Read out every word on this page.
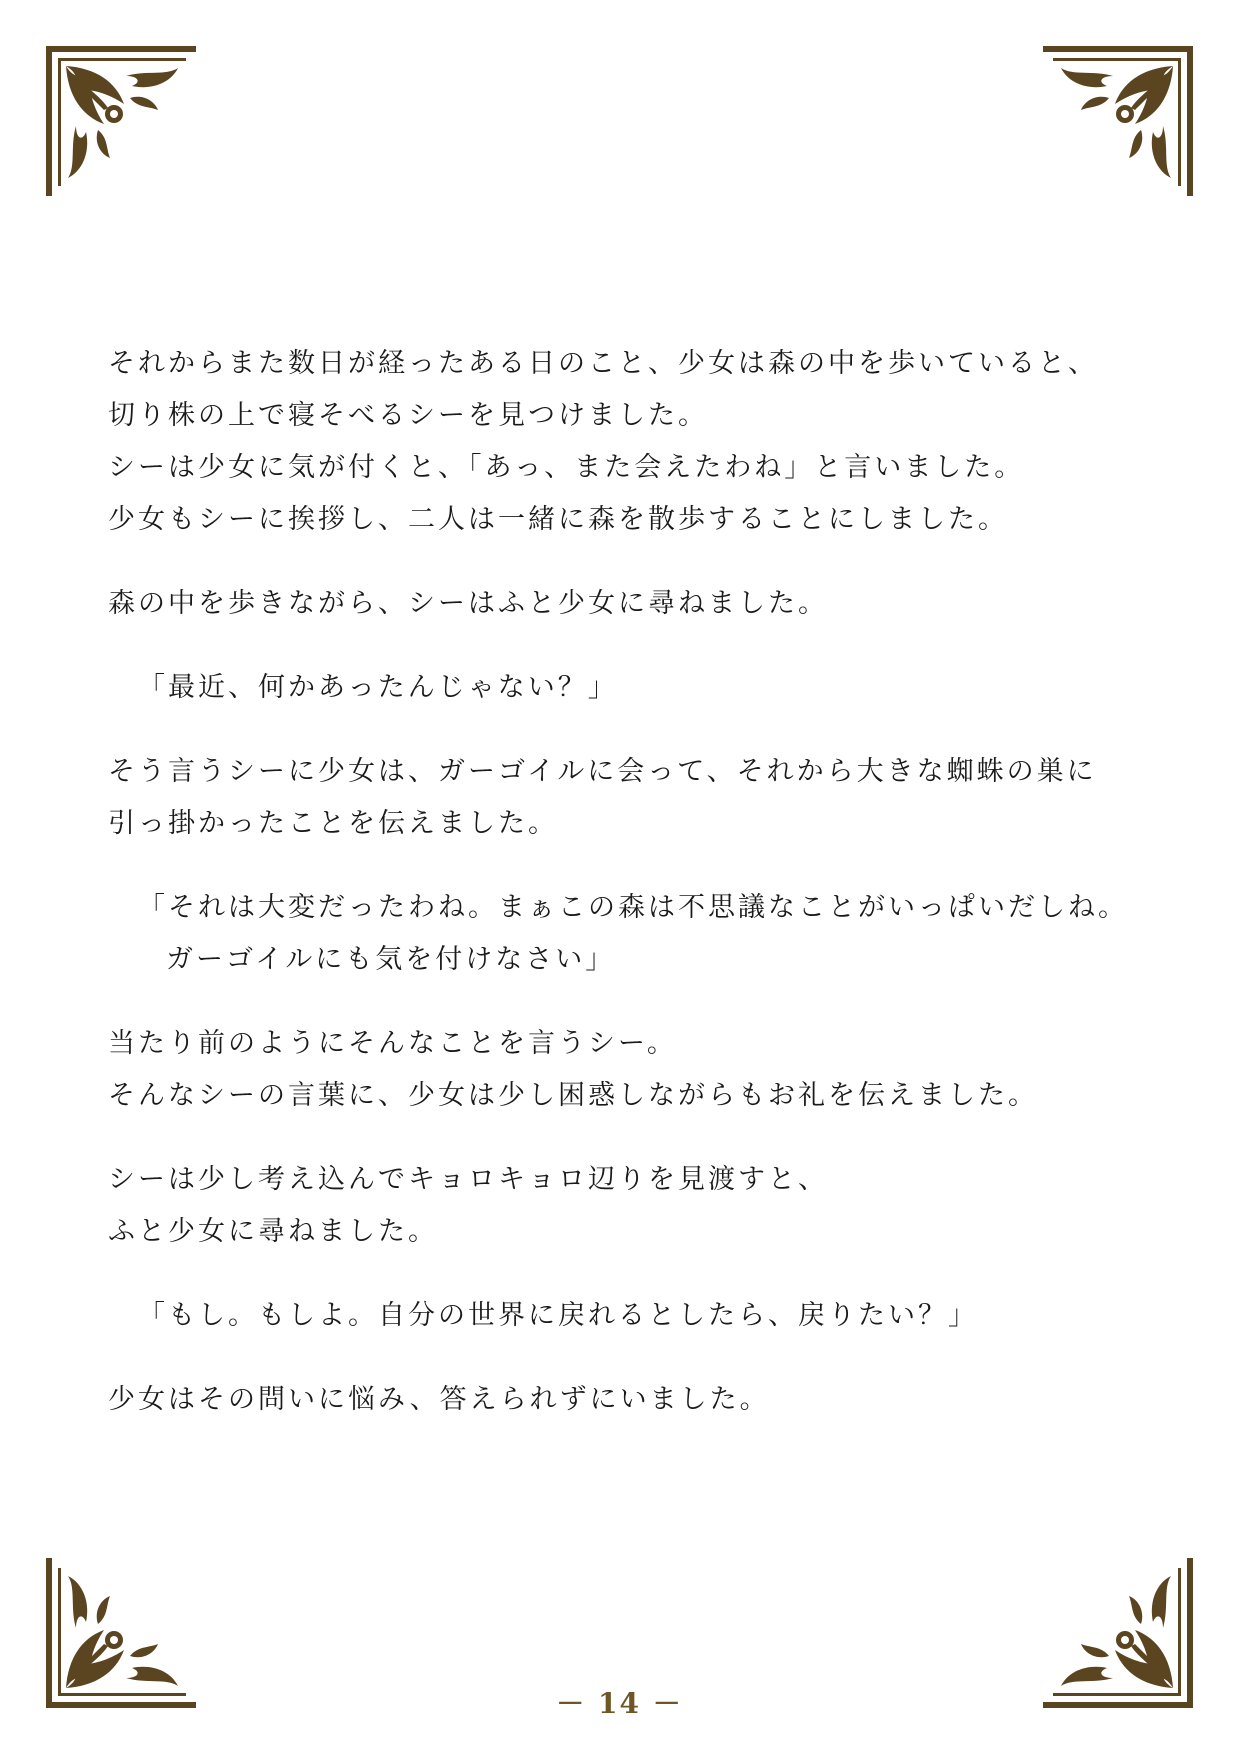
それからまた数日が経ったある日のこと、少女は森の中を歩いていると、
切り株の上で寝そべるシーを見つけました。
シーは少女に気が付くと、「あっ、また会えたわね」と言いました。
少女もシーに挨拶し、二人は一緒に森を散歩することにしました。

森の中を歩きながら、シーはふと少女に尋ねました。

「最近、何かあったんじゃない？」

そう言うシーに少女は、ガーゴイルに会って、それから大きな蜘蛛の巣に
引っ掛かったことを伝えました。

「それは大変だったわね。まぁこの森は不思議なことがいっぱいだしね。
ガーゴイルにも気を付けなさい」

当たり前のようにそんなことを言うシー。
そんなシーの言葉に、少女は少し困惑しながらもお礼を伝えました。

シーは少し考え込んでキョロキョロ辺りを見渡すと、
ふと少女に尋ねました。

「もし。もしよ。自分の世界に戻れるとしたら、戻りたい？」

少女はその問いに悩み、答えられずにいました。

－ 14 －
